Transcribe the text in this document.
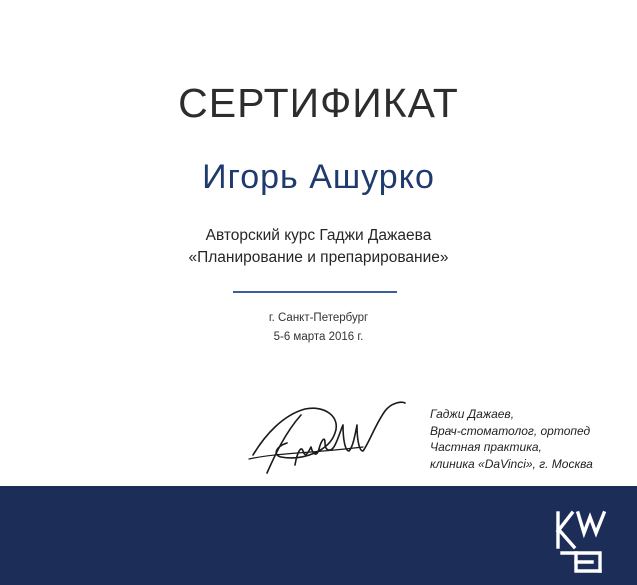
СЕРТИФИКАТ
Игорь Ашурко
Авторский курс Гаджи Дажаева
«Планирование и препарирование»
г. Санкт-Петербург
5-6 марта 2016 г.
Гаджи Дажаев,
Врач-стоматолог, ортопед
Частная практика,
клиника «DaVinci», г. Москва
